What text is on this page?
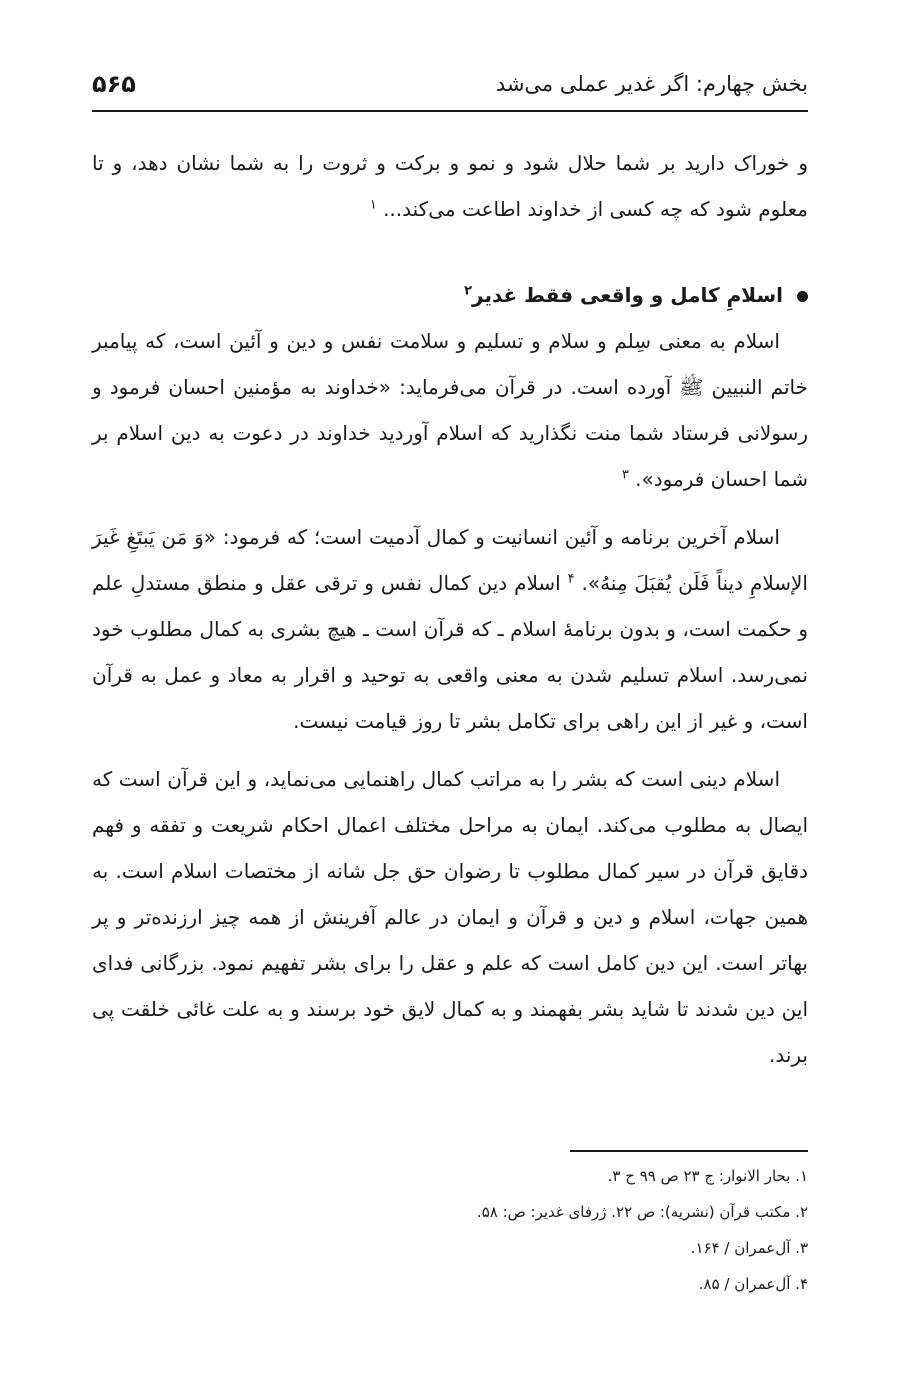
بخش چهارم: اگر غدیر عملی می‌شد
۵۶۵

و خوراک دارید بر شما حلال شود و نمو و برکت و ثروت را به شما نشان دهد، و تا معلوم شود که چه کسی از خداوند اطاعت می‌کند... $^۱$

اسلامِ کامل و واقعی فقط غدیر$^۲$

اسلام به معنی سِلم و سلام و تسلیم و سلامت نفس و دین و آئین است، که پیامبر خاتم النبیین ﷺ آورده است. در قرآن می‌فرماید: «خداوند به مؤمنین احسان فرمود و رسولانی فرستاد شما منت نگذارید که اسلام آوردید خداوند در دعوت به دین اسلام بر شما احسان فرمود». $^۳$

اسلام آخرین برنامه و آئین انسانیت و کمال آدمیت است؛ که فرمود: «وَ مَن يَبتَغِ غَيرَ الإسلامِ ديناً فَلَن يُقبَلَ مِنهُ». $^۴$ اسلام دین کمال نفس و ترقی عقل و منطق مستدلِ علم و حکمت است، و بدون برنامۀ اسلام ـ که قرآن است ـ هیچ بشری به کمال مطلوب خود نمی‌رسد. اسلام تسلیم شدن به معنی واقعی به توحید و اقرار به معاد و عمل به قرآن است، و غیر از این راهی برای تکامل بشر تا روز قیامت نیست.

اسلام دینی است که بشر را به مراتب کمال راهنمایی می‌نماید، و این قرآن است که ایصال به مطلوب می‌کند. ایمان به مراحل مختلف اعمال احکام شریعت و تفقه و فهم دقایق قرآن در سیر کمال مطلوب تا رضوان حق جل شانه از مختصات اسلام است. به همین جهات، اسلام و دین و قرآن و ایمان در عالم آفرینش از همه چیز ارزنده‌تر و پر بهاتر است. این دین کامل است که علم و عقل را برای بشر تفهیم نمود. بزرگانی فدای این دین شدند تا شاید بشر بفهمند و به کمال لایق خود برسند و به علت غائی خلقت پی برند.

۱. بحار الانوار: ج ۲۳ ص ۹۹ ح ۳.
۲. مکتب قرآن (نشریه): ص ۲۲. ژرفای غدیر: ص: ۵۸.
۳. آل‌عمران / ۱۶۴.
۴. آل‌عمران / ۸۵.
